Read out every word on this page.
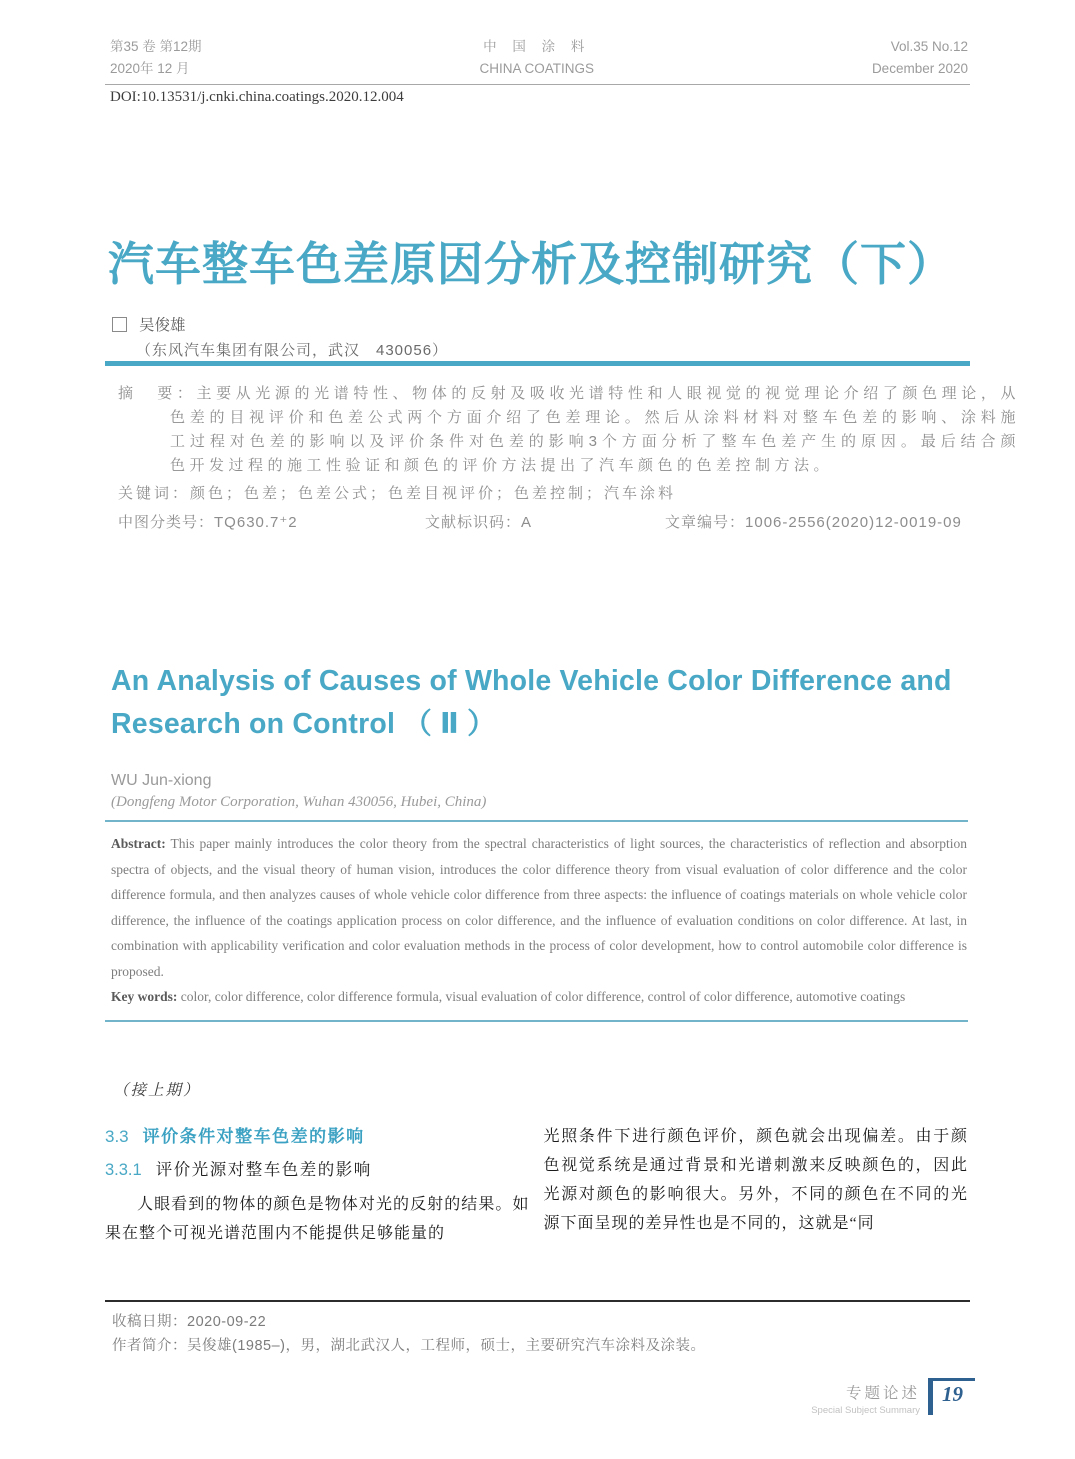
第35 卷 第12期
2020年 12 月
中 国 涂 料
CHINA COATINGS
Vol.35 No.12
December 2020
DOI:10.13531/j.cnki.china.coatings.2020.12.004
汽车整车色差原因分析及控制研究（下）
吴俊雄
（东风汽车集团有限公司，武汉　430056）
摘　要：主要从光源的光谱特性、物体的反射及吸收光谱特性和人眼视觉的视觉理论介绍了颜色理论，从色差的目视评价和色差公式两个方面介绍了色差理论。然后从涂料材料对整车色差的影响、涂料施工过程对色差的影响以及评价条件对色差的影响3个方面分析了整车色差产生的原因。最后结合颜色开发过程的施工性验证和颜色的评价方法提出了汽车颜色的色差控制方法。
关键词：颜色；色差；色差公式；色差目视评价；色差控制；汽车涂料
中图分类号：TQ630.7⁺2	文献标识码：A	文章编号：1006-2556(2020)12-0019-09
An Analysis of Causes of Whole Vehicle Color Difference and Research on Control （ Ⅱ ）
WU Jun-xiong
(Dongfeng Motor Corporation, Wuhan 430056, Hubei, China)

Abstract: This paper mainly introduces the color theory from the spectral characteristics of light sources, the characteristics of reflection and absorption spectra of objects, and the visual theory of human vision, introduces the color difference theory from visual evaluation of color difference and the color difference formula, and then analyzes causes of whole vehicle color difference from three aspects: the influence of coatings materials on whole vehicle color difference, the influence of the coatings application process on color difference, and the influence of evaluation conditions on color difference. At last, in combination with applicability verification and color evaluation methods in the process of color development, how to control automobile color difference is proposed.

Key words: color, color difference, color difference formula, visual evaluation of color difference, control of color difference, automotive coatings

（接上期）
3.3 评价条件对整车色差的影响
3.3.1 评价光源对整车色差的影响

人眼看到的物体的颜色是物体对光的反射的结果。如果在整个可视光谱范围内不能提供足够能量的

光照条件下进行颜色评价，颜色就会出现偏差。由于颜色视觉系统是通过背景和光谱刺激来反映颜色的，因此光源对颜色的影响很大。另外，不同的颜色在不同的光源下面呈现的差异性也是不同的，这就是“同

收稿日期：2020-09-22
作者简介：吴俊雄(1985–)，男，湖北武汉人，工程师，硕士，主要研究汽车涂料及涂装。
专题论述
Special Subject Summary
19
